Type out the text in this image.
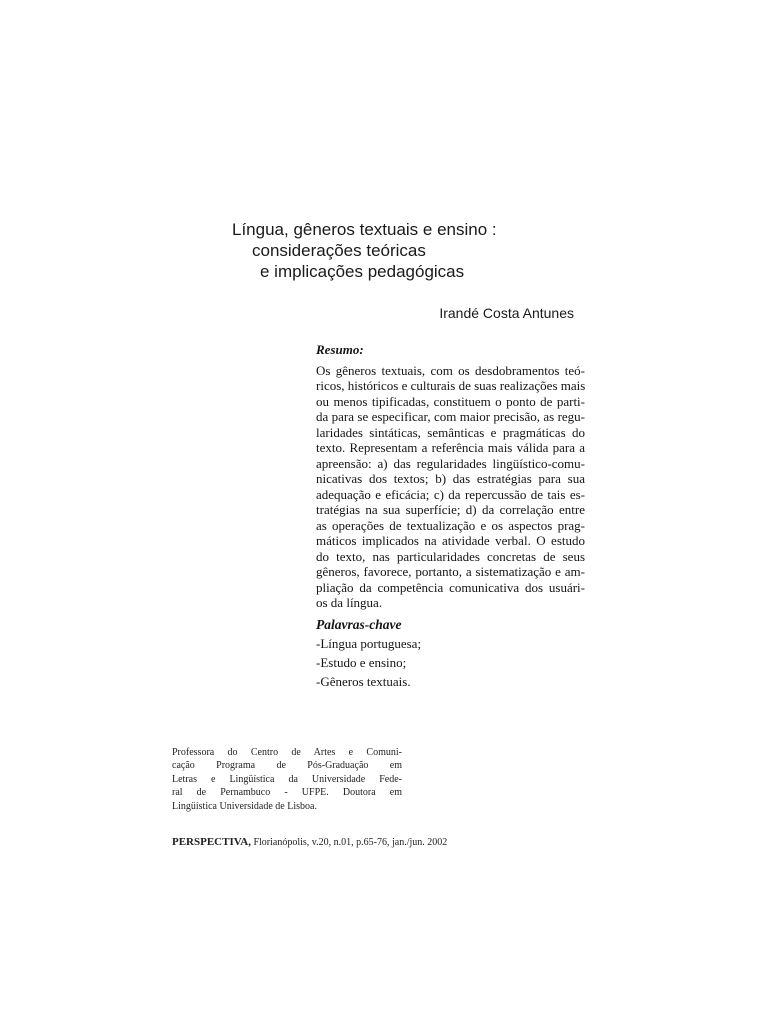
Língua, gêneros textuais e ensino :
considerações teóricas
e implicações pedagógicas
Irandé Costa Antunes
Resumo:
Os gêneros textuais, com os desdobramentos teó-
ricos, históricos e culturais de suas realizações mais
ou menos tipificadas, constituem o ponto de parti-
da para se especificar, com maior precisão, as regu-
laridades sintáticas, semânticas e pragmáticas do
texto. Representam a referência mais válida para a
apreensão: a) das regularidades lingüístico-comu-
nicativas dos textos; b) das estratégias para sua
adequação e eficácia; c) da repercussão de tais es-
tratégias na sua superfície; d) da correlação entre
as operações de textualização e os aspectos prag-
máticos implicados na atividade verbal. O estudo
do texto, nas particularidades concretas de seus
gêneros, favorece, portanto, a sistematização e am-
pliação da competência comunicativa dos usuári-
os da língua.
Palavras-chave
-Língua portuguesa;
-Estudo e ensino;
-Gêneros textuais.
Professora do Centro de Artes e Comuni-
cação Programa de Pós-Graduação em
Letras e Lingüística da Universidade Fede-
ral de Pernambuco - UFPE. Doutora em
Lingüística Universidade de Lisboa.
PERSPECTIVA, Florianópolis, v.20, n.01, p.65-76, jan./jun. 2002
